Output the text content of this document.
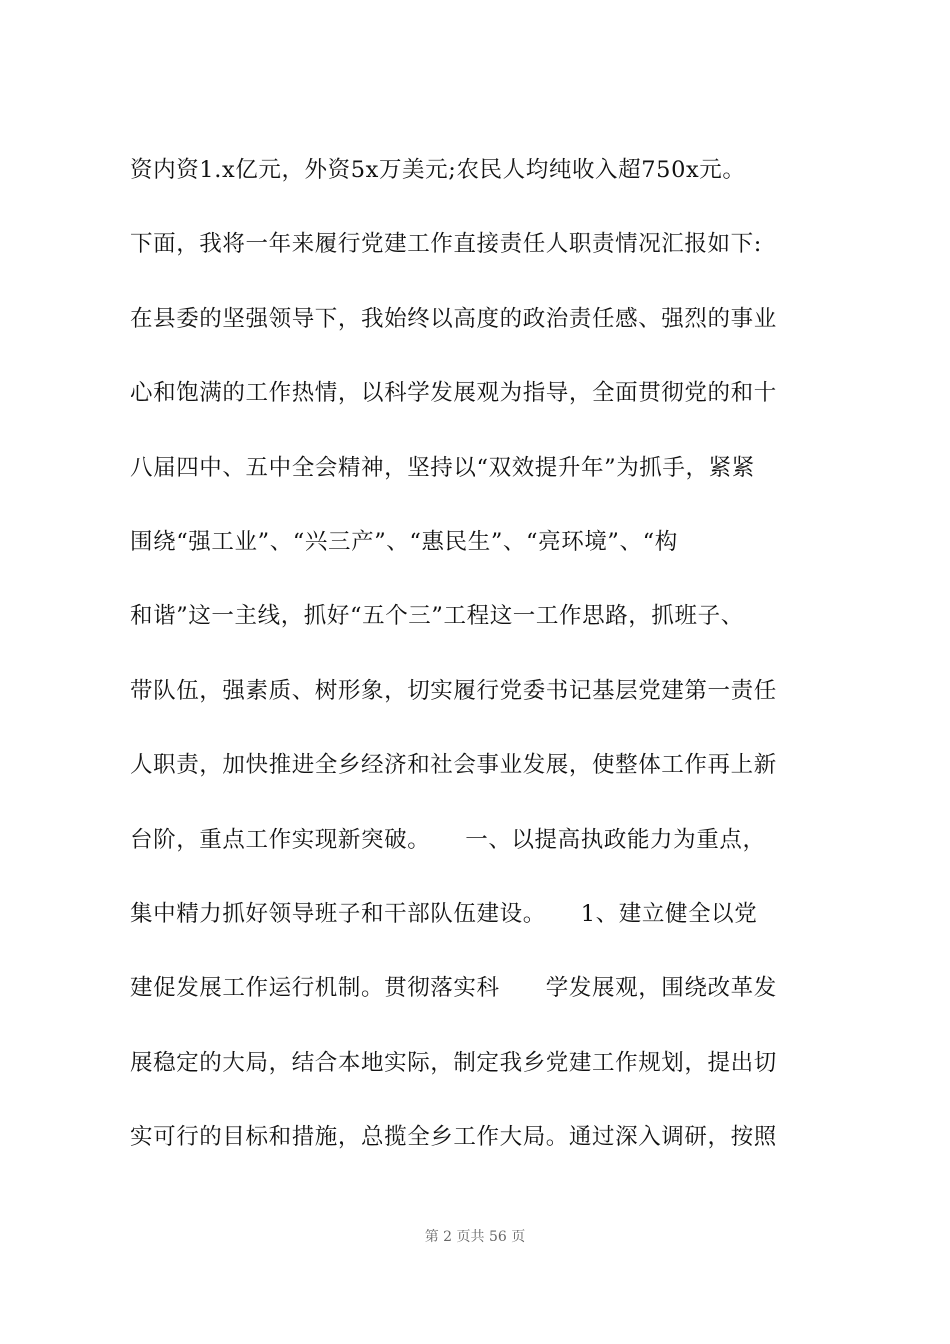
资内资1.x亿元，外资5x万美元;农民人均纯收入超750x元。
下面，我将一年来履行党建工作直接责任人职责情况汇报如下:
在县委的坚强领导下，我始终以高度的政治责任感、强烈的事业
心和饱满的工作热情，以科学发展观为指导，全面贯彻党的和十
八届四中、五中全会精神，坚持以“双效提升年”为抓手，紧紧
围绕“强工业”、“兴三产”、“惠民生”、“亮环境”、“构
和谐”这一主线，抓好“五个三”工程这一工作思路，抓班子、
带队伍，强素质、树形象，切实履行党委书记基层党建第一责任
人职责，加快推进全乡经济和社会事业发展，使整体工作再上新
台阶，重点工作实现新突破。　　一、以提高执政能力为重点，
集中精力抓好领导班子和干部队伍建设。　　1、建立健全以党
建促发展工作运行机制。贯彻落实科　　学发展观，围绕改革发
展稳定的大局，结合本地实际，制定我乡党建工作规划，提出切
实可行的目标和措施，总揽全乡工作大局。通过深入调研，按照
第 2 页共 56 页
